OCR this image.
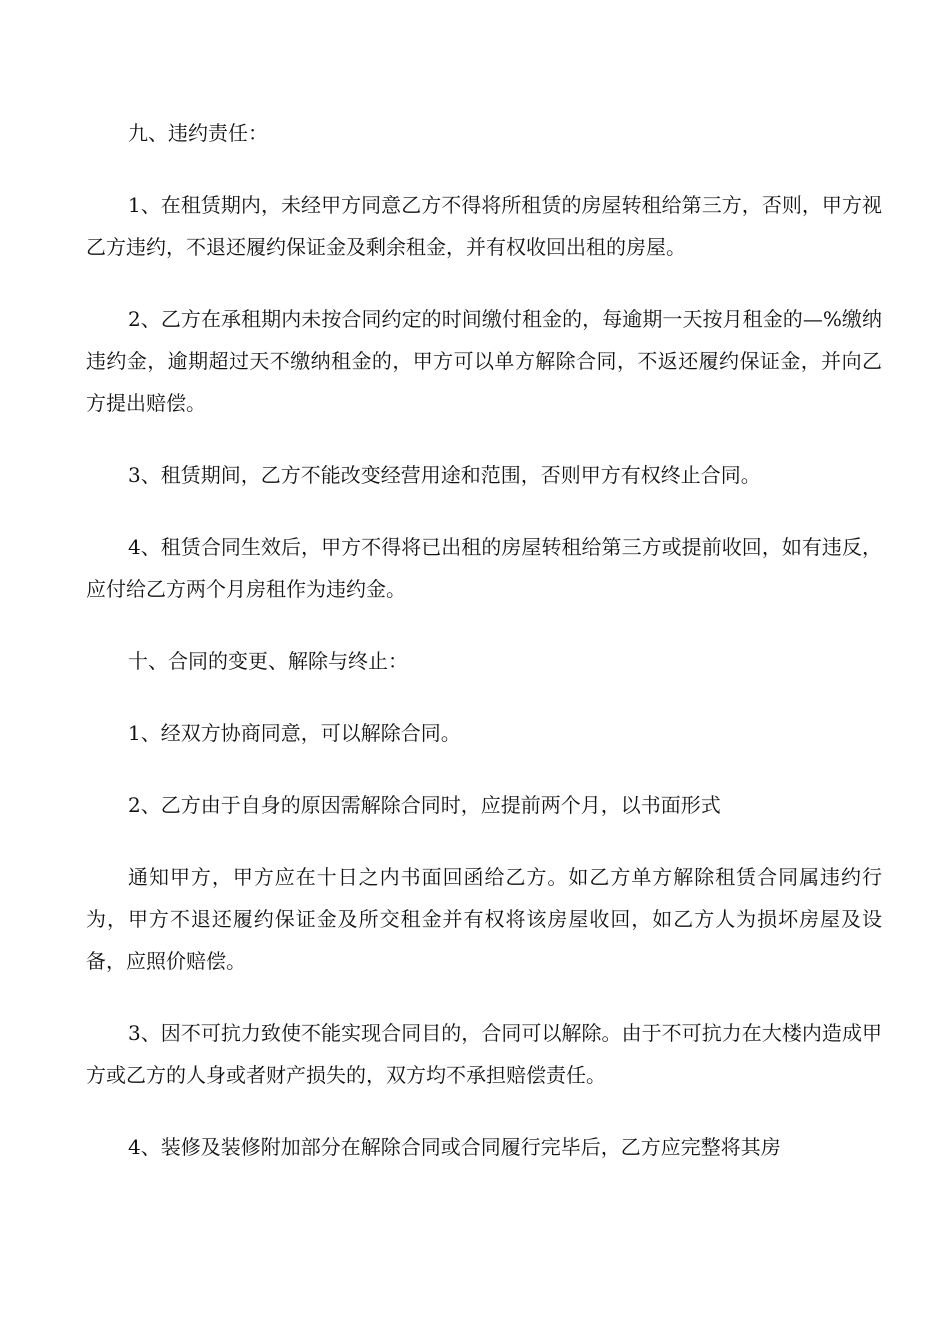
九、违约责任：

1、在租赁期内，未经甲方同意乙方不得将所租赁的房屋转租给第三方，否则，甲方视乙方违约，不退还履约保证金及剩余租金，并有权收回出租的房屋。

2、乙方在承租期内未按合同约定的时间缴付租金的，每逾期一天按月租金的—%缴纳违约金，逾期超过天不缴纳租金的，甲方可以单方解除合同，不返还履约保证金，并向乙方提出赔偿。

3、租赁期间，乙方不能改变经营用途和范围，否则甲方有权终止合同。

4、租赁合同生效后，甲方不得将已出租的房屋转租给第三方或提前收回，如有违反，应付给乙方两个月房租作为违约金。

十、合同的变更、解除与终止：

1、经双方协商同意，可以解除合同。

2、乙方由于自身的原因需解除合同时，应提前两个月，以书面形式

通知甲方，甲方应在十日之内书面回函给乙方。如乙方单方解除租赁合同属违约行为，甲方不退还履约保证金及所交租金并有权将该房屋收回，如乙方人为损坏房屋及设备，应照价赔偿。

3、因不可抗力致使不能实现合同目的，合同可以解除。由于不可抗力在大楼内造成甲方或乙方的人身或者财产损失的，双方均不承担赔偿责任。

4、装修及装修附加部分在解除合同或合同履行完毕后，乙方应完整将其房
